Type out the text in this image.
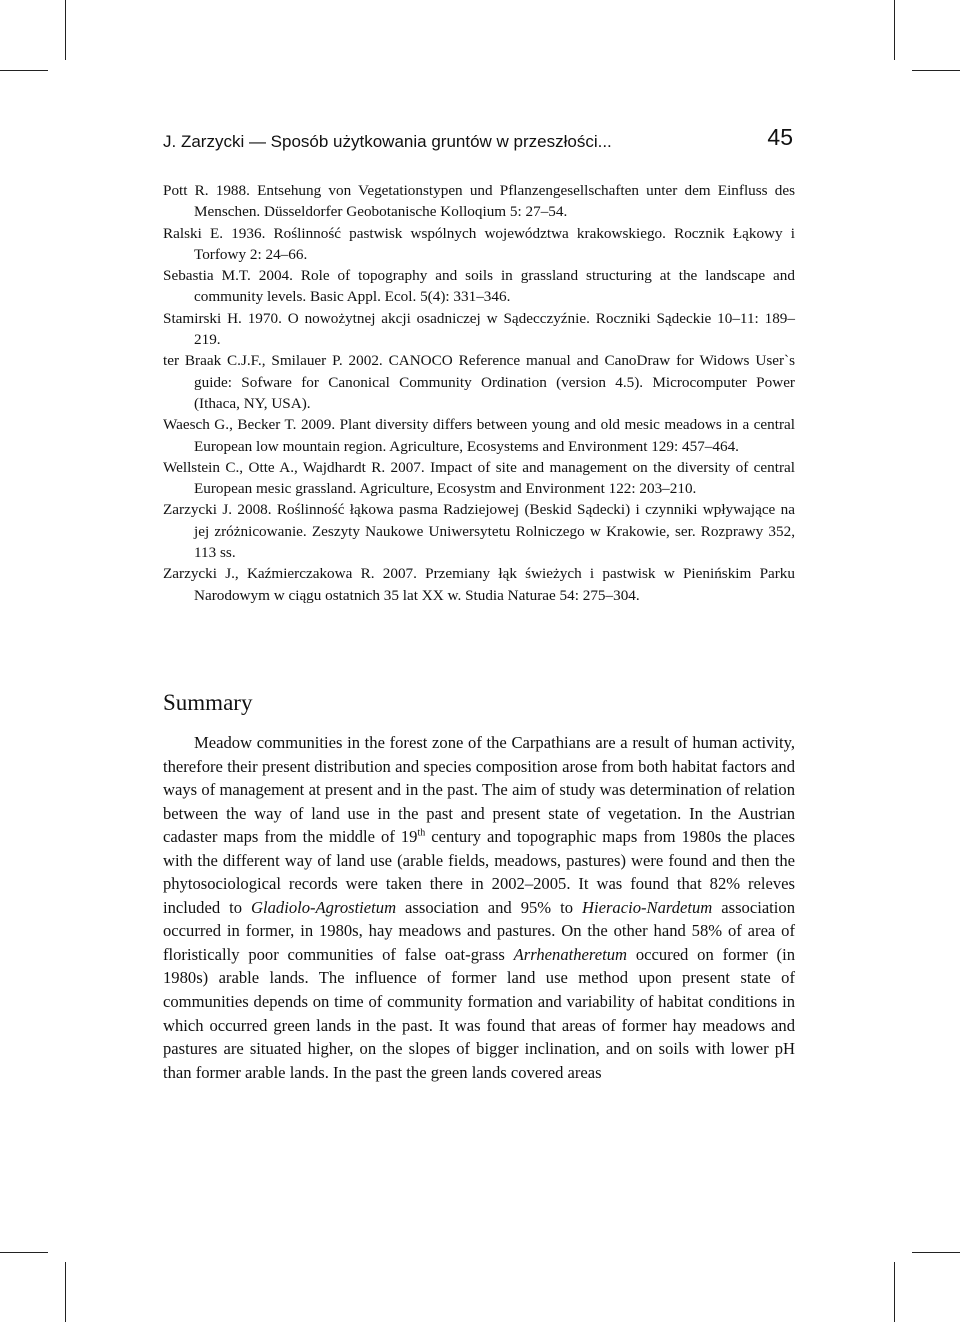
J. Zarzycki — Sposób użytkowania gruntów w przeszłości...	45
Pott R. 1988. Entsehung von Vegetationstypen und Pflanzengesellschaften unter dem Einfluss des Menschen. Düsseldorfer Geobotanische Kolloqium 5: 27–54.
Ralski E. 1936. Roślinność pastwisk wspólnych województwa krakowskiego. Rocznik Łąkowy i Torfowy 2: 24–66.
Sebastia M.T. 2004. Role of topography and soils in grassland structuring at the landscape and community levels. Basic Appl. Ecol. 5(4): 331–346.
Stamirski H. 1970. O nowożytnej akcji osadniczej w Sądecczyźnie. Roczniki Sądeckie 10–11: 189–219.
ter Braak C.J.F., Smilauer P. 2002. CANOCO Reference manual and CanoDraw for Widows User`s guide: Sofware for Canonical Community Ordination (version 4.5). Microcomputer Power (Ithaca, NY, USA).
Waesch G., Becker T. 2009. Plant diversity differs between young and old mesic meadows in a central European low mountain region. Agriculture, Ecosystems and Environment 129: 457–464.
Wellstein C., Otte A., Wajdhardt R. 2007. Impact of site and management on the diversity of central European mesic grassland. Agriculture, Ecosystm and Environment 122: 203–210.
Zarzycki J. 2008. Roślinność łąkowa pasma Radziejowej (Beskid Sądecki) i czynniki wpływające na jej zróżnicowanie. Zeszyty Naukowe Uniwersytetu Rolniczego w Krakowie, ser. Rozprawy 352, 113 ss.
Zarzycki J., Kaźmierczakowa R. 2007. Przemiany łąk świeżych i pastwisk w Pienińskim Parku Narodowym w ciągu ostatnich 35 lat XX w. Studia Naturae 54: 275–304.
Summary

Meadow communities in the forest zone of the Carpathians are a result of human activity, therefore their present distribution and species composition arose from both habitat factors and ways of management at present and in the past. The aim of study was determination of relation between the way of land use in the past and present state of vegetation. In the Austrian cadaster maps from the middle of 19th century and topographic maps from 1980s the places with the different way of land use (arable fields, meadows, pastures) were found and then the phytosociological records were taken there in 2002–2005. It was found that 82% releves included to Gladiolo-Agrostietum association and 95% to Hieracio-Nardetum association occurred in former, in 1980s, hay meadows and pastures. On the other hand 58% of area of floristically poor communities of false oat-grass Arrhenatheretum occured on former (in 1980s) arable lands. The influence of former land use method upon present state of communities depends on time of community formation and variability of habitat conditions in which occurred green lands in the past. It was found that areas of former hay meadows and pastures are situated higher, on the slopes of bigger inclination, and on soils with lower pH than former arable lands. In the past the green lands covered areas
